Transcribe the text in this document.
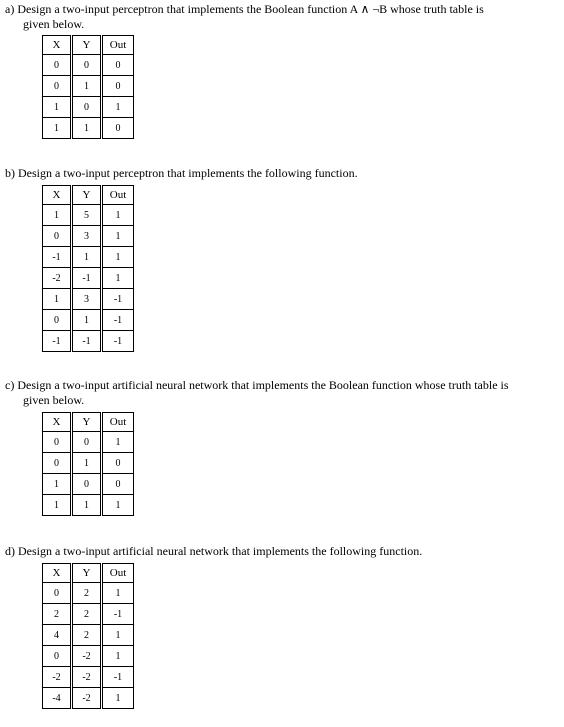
a) Design a two-input perceptron that implements the Boolean function A ∧ ¬B whose truth table is
given below.
X	Y	Out
0	0	0
0	1	0
1	0	1
1	1	0
b) Design a two-input perceptron that implements the following function.
X	Y	Out
1	5	1
0	3	1
-1	1	1
-2	-1	1
1	3	-1
0	1	-1
-1	-1	-1
c) Design a two-input artificial neural network that implements the Boolean function whose truth table is
given below.
X	Y	Out
0	0	1
0	1	0
1	0	0
1	1	1
d) Design a two-input artificial neural network that implements the following function.
X	Y	Out
0	2	1
2	2	-1
4	2	1
0	-2	1
-2	-2	-1
-4	-2	1
